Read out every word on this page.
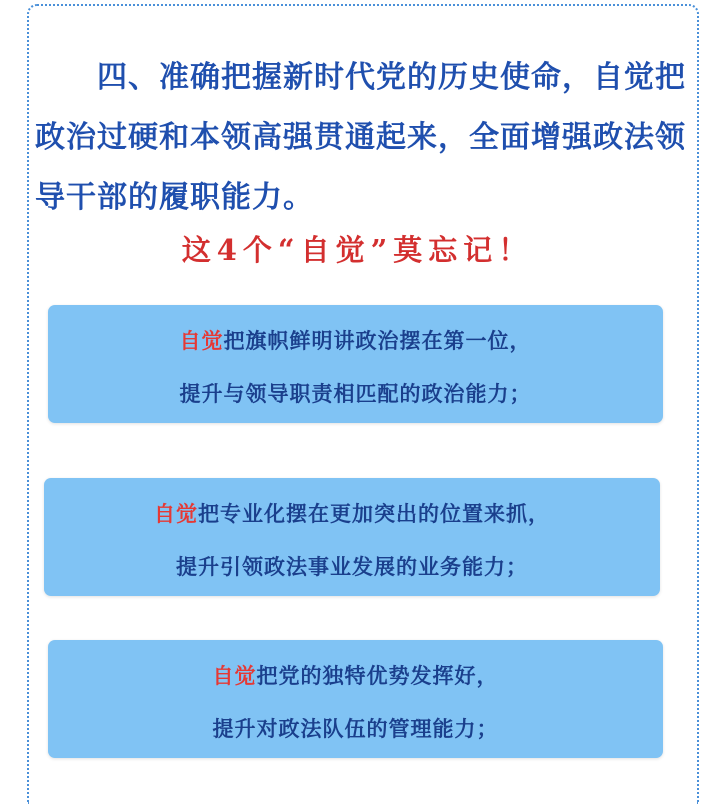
四、准确把握新时代党的历史使命，自觉把政治过硬和本领高强贯通起来，全面增强政法领导干部的履职能力。

这4个“自觉”莫忘记！
自觉把旗帜鲜明讲政治摆在第一位，
提升与领导职责相匹配的政治能力；
自觉把专业化摆在更加突出的位置来抓，
提升引领政法事业发展的业务能力；
自觉把党的独特优势发挥好，
提升对政法队伍的管理能力；
